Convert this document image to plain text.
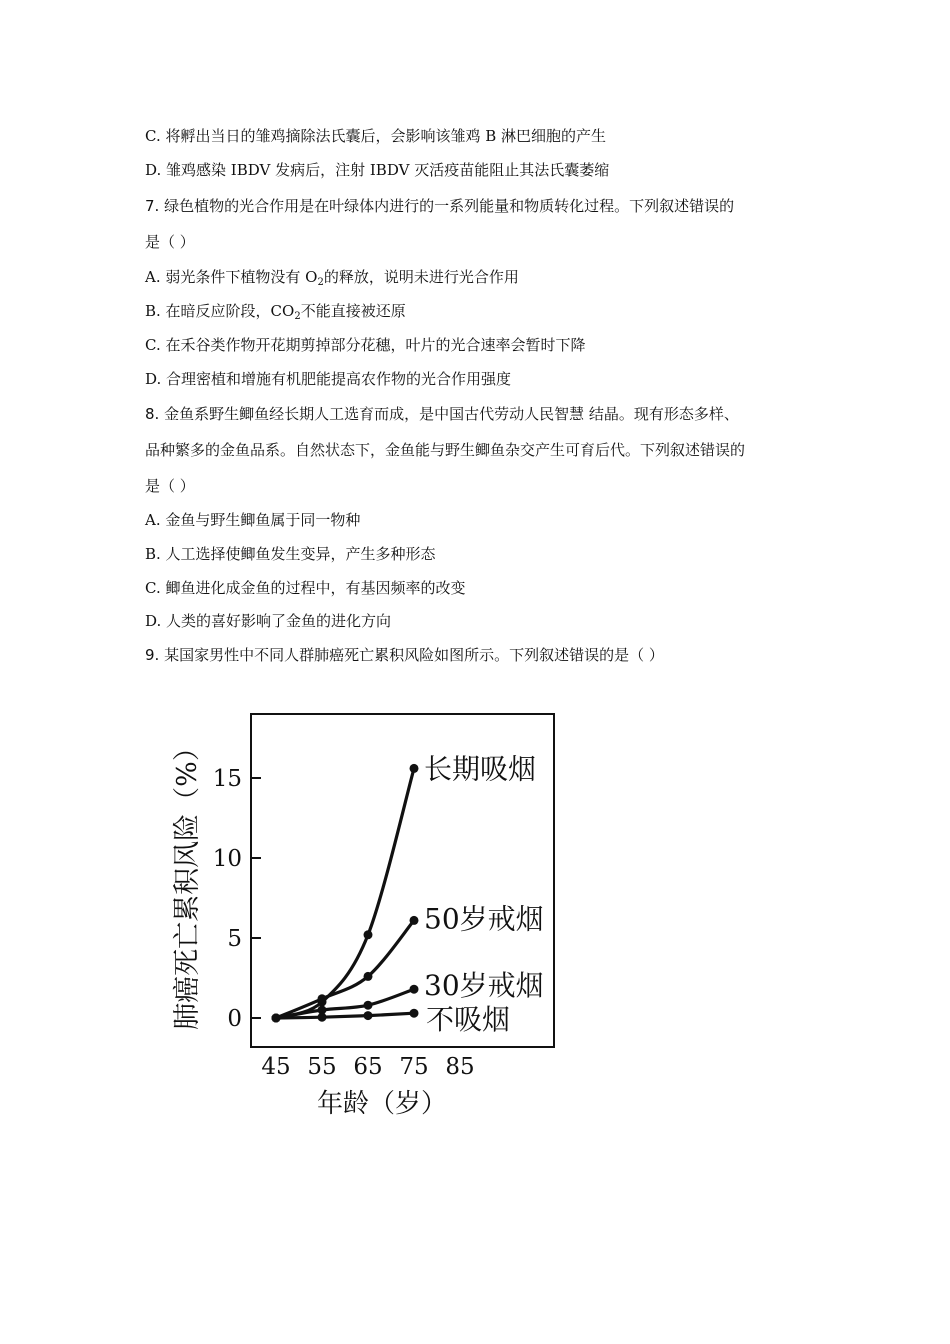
C. 将孵出当日的雏鸡摘除法氏囊后，会影响该雏鸡 B 淋巴细胞的产生
D. 雏鸡感染 IBDV 发病后，注射 IBDV 灭活疫苗能阻止其法氏囊萎缩
7. 绿色植物的光合作用是在叶绿体内进行的一系列能量和物质转化过程。下列叙述错误的
是（ ）
A. 弱光条件下植物没有 $O_2$的释放，说明未进行光合作用
B. 在暗反应阶段，$CO_2$不能直接被还原
C. 在禾谷类作物开花期剪掉部分花穗，叶片的光合速率会暂时下降
D. 合理密植和增施有机肥能提高农作物的光合作用强度
8. 金鱼系野生鲫鱼经长期人工选育而成，是中国古代劳动人民智慧 结晶。现有形态多样、
品种繁多的金鱼品系。自然状态下，金鱼能与野生鲫鱼杂交产生可育后代。下列叙述错误的
是（ ）
A. 金鱼与野生鲫鱼属于同一物种
B. 人工选择使鲫鱼发生变异，产生多种形态
C. 鲫鱼进化成金鱼的过程中，有基因频率的改变
D. 人类的喜好影响了金鱼的进化方向
9. 某国家男性中不同人群肺癌死亡累积风险如图所示。下列叙述错误的是（ ）
0
5
10
15
45 55 65 75 85
长期吸烟
50岁戒烟
30岁戒烟
不吸烟
肺癌死亡累积风险（%）
年龄（岁）
